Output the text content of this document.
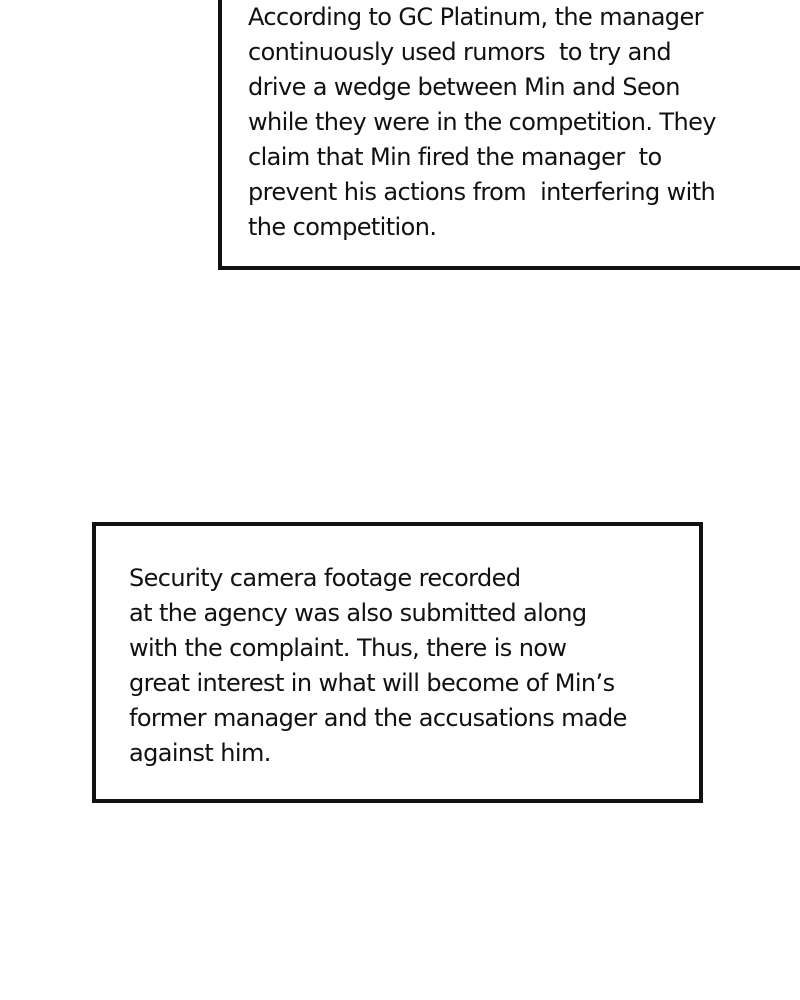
According to GC Platinum, the manager
continuously used rumors  to try and
drive a wedge between Min and Seon
while they were in the competition. They
claim that Min fired the manager  to
prevent his actions from  interfering with
the competition.
Security camera footage recorded
at the agency was also submitted along
with the complaint. Thus, there is now
great interest in what will become of Min’s
former manager and the accusations made
against him.
